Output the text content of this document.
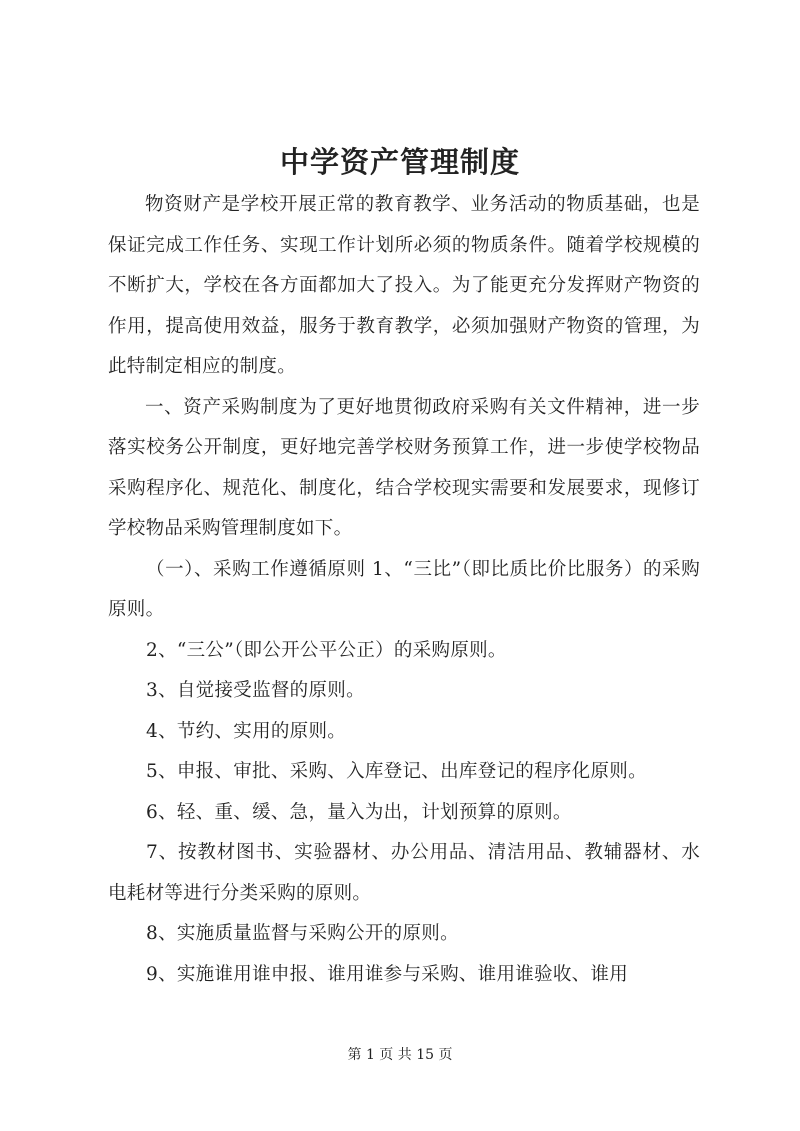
中学资产管理制度

物资财产是学校开展正常的教育教学、业务活动的物质基础，也是保证完成工作任务、实现工作计划所必须的物质条件。随着学校规模的不断扩大，学校在各方面都加大了投入。为了能更充分发挥财产物资的作用，提高使用效益，服务于教育教学，必须加强财产物资的管理，为此特制定相应的制度。

一、资产采购制度为了更好地贯彻政府采购有关文件精神，进一步落实校务公开制度，更好地完善学校财务预算工作，进一步使学校物品采购程序化、规范化、制度化，结合学校现实需要和发展要求，现修订学校物品采购管理制度如下。

（一）、采购工作遵循原则 1、“三比”（即比质比价比服务）的采购原则。

2、“三公”（即公开公平公正）的采购原则。

3、自觉接受监督的原则。

4、节约、实用的原则。

5、申报、审批、采购、入库登记、出库登记的程序化原则。

6、轻、重、缓、急，量入为出，计划预算的原则。

7、按教材图书、实验器材、办公用品、清洁用品、教辅器材、水电耗材等进行分类采购的原则。

8、实施质量监督与采购公开的原则。

9、实施谁用谁申报、谁用谁参与采购、谁用谁验收、谁用

第 1 页 共 15 页
